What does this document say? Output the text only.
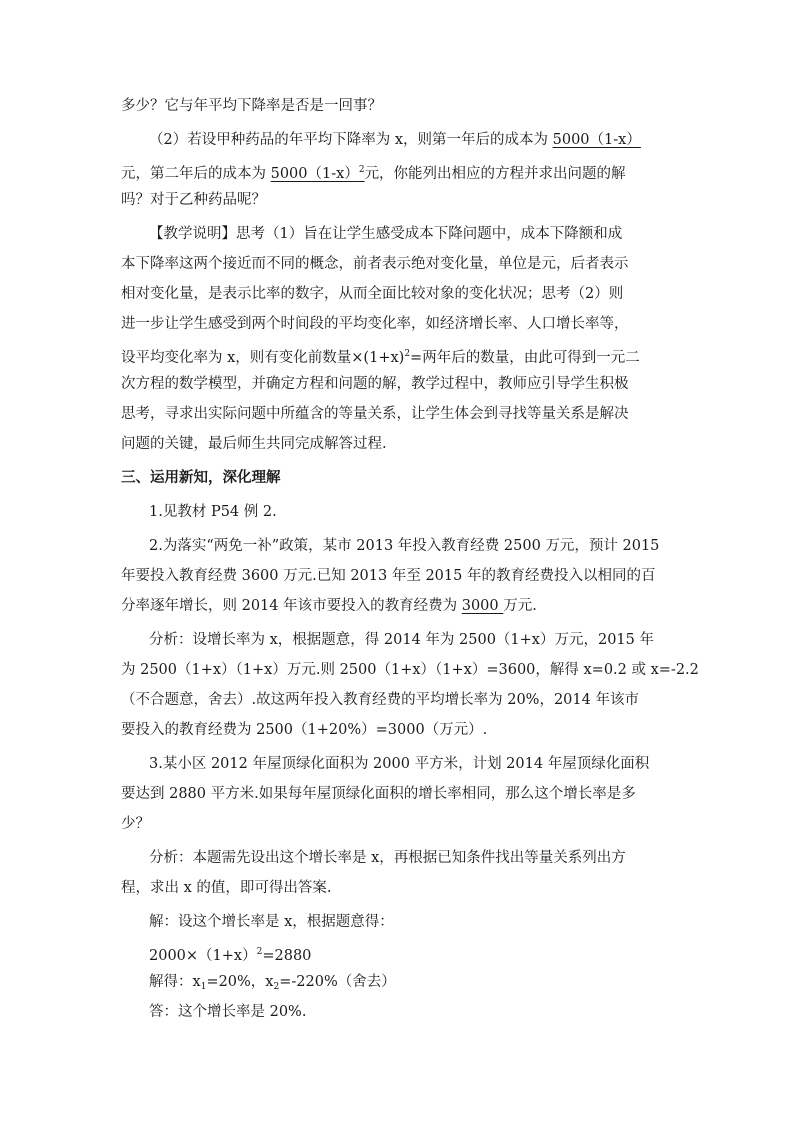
多少？它与年平均下降率是否是一回事？
（2）若设甲种药品的年平均下降率为 x，则第一年后的成本为 5000（1-x）
元，第二年后的成本为 $5000(1-x)^2$元，你能列出相应的方程并求出问题的解
吗？对于乙种药品呢？
【教学说明】思考（1）旨在让学生感受成本下降问题中，成本下降额和成
本下降率这两个接近而不同的概念，前者表示绝对变化量，单位是元，后者表示
相对变化量，是表示比率的数字，从而全面比较对象的变化状况；思考（2）则
进一步让学生感受到两个时间段的平均变化率，如经济增长率、人口增长率等，
设平均变化率为 x，则有变化前数量$\times(1+x)^2=$两年后的数量，由此可得到一元二
次方程的数学模型，并确定方程和问题的解，教学过程中，教师应引导学生积极
思考，寻求出实际问题中所蕴含的等量关系，让学生体会到寻找等量关系是解决
问题的关键，最后师生共同完成解答过程.
三、运用新知，深化理解
1.见教材 P54 例 2.
2.为落实“两免一补”政策，某市 2013 年投入教育经费 2500 万元，预计 2015
年要投入教育经费 3600 万元.已知 2013 年至 2015 年的教育经费投入以相同的百
分率逐年增长，则 2014 年该市要投入的教育经费为 3000 万元.
分析：设增长率为 x，根据题意，得 2014 年为 2500（1+x）万元，2015 年
为 2500（1+x）（1+x）万元.则 2500（1+x）（1+x）=3600，解得 x=0.2 或 x=-2.2
（不合题意，舍去）.故这两年投入教育经费的平均增长率为 20%，2014 年该市
要投入的教育经费为 2500（1+20%）=3000（万元）.
3.某小区 2012 年屋顶绿化面积为 2000 平方米，计划 2014 年屋顶绿化面积
要达到 2880 平方米.如果每年屋顶绿化面积的增长率相同，那么这个增长率是多
少？
分析：本题需先设出这个增长率是 x，再根据已知条件找出等量关系列出方
程，求出 x 的值，即可得出答案.
解：设这个增长率是 x，根据题意得：
$2000\times(1+x)^2=2880$
解得：$x_1=20\%$，$x_2=-220\%$（舍去）
答：这个增长率是 20%.
